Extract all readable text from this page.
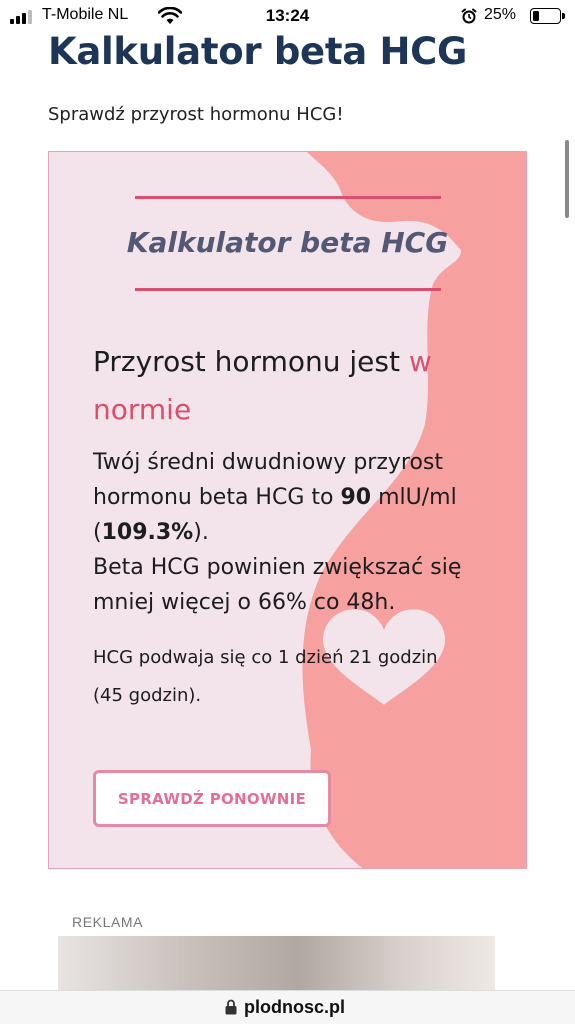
T-Mobile NL	13:24	25%
Kalkulator beta HCG

Sprawdź przyrost hormonu HCG!

Kalkulator beta HCG
Przyrost hormonu jest w normie
Twój średni dwudniowy przyrost hormonu beta HCG to 90 mlU/ml (109.3%).
Beta HCG powinien zwiększać się mniej więcej o 66% co 48h.
HCG podwaja się co 1 dzień 21 godzin (45 godzin).
SPRAWDŹ PONOWNIE
REKLAMA
plodnosc.pl
